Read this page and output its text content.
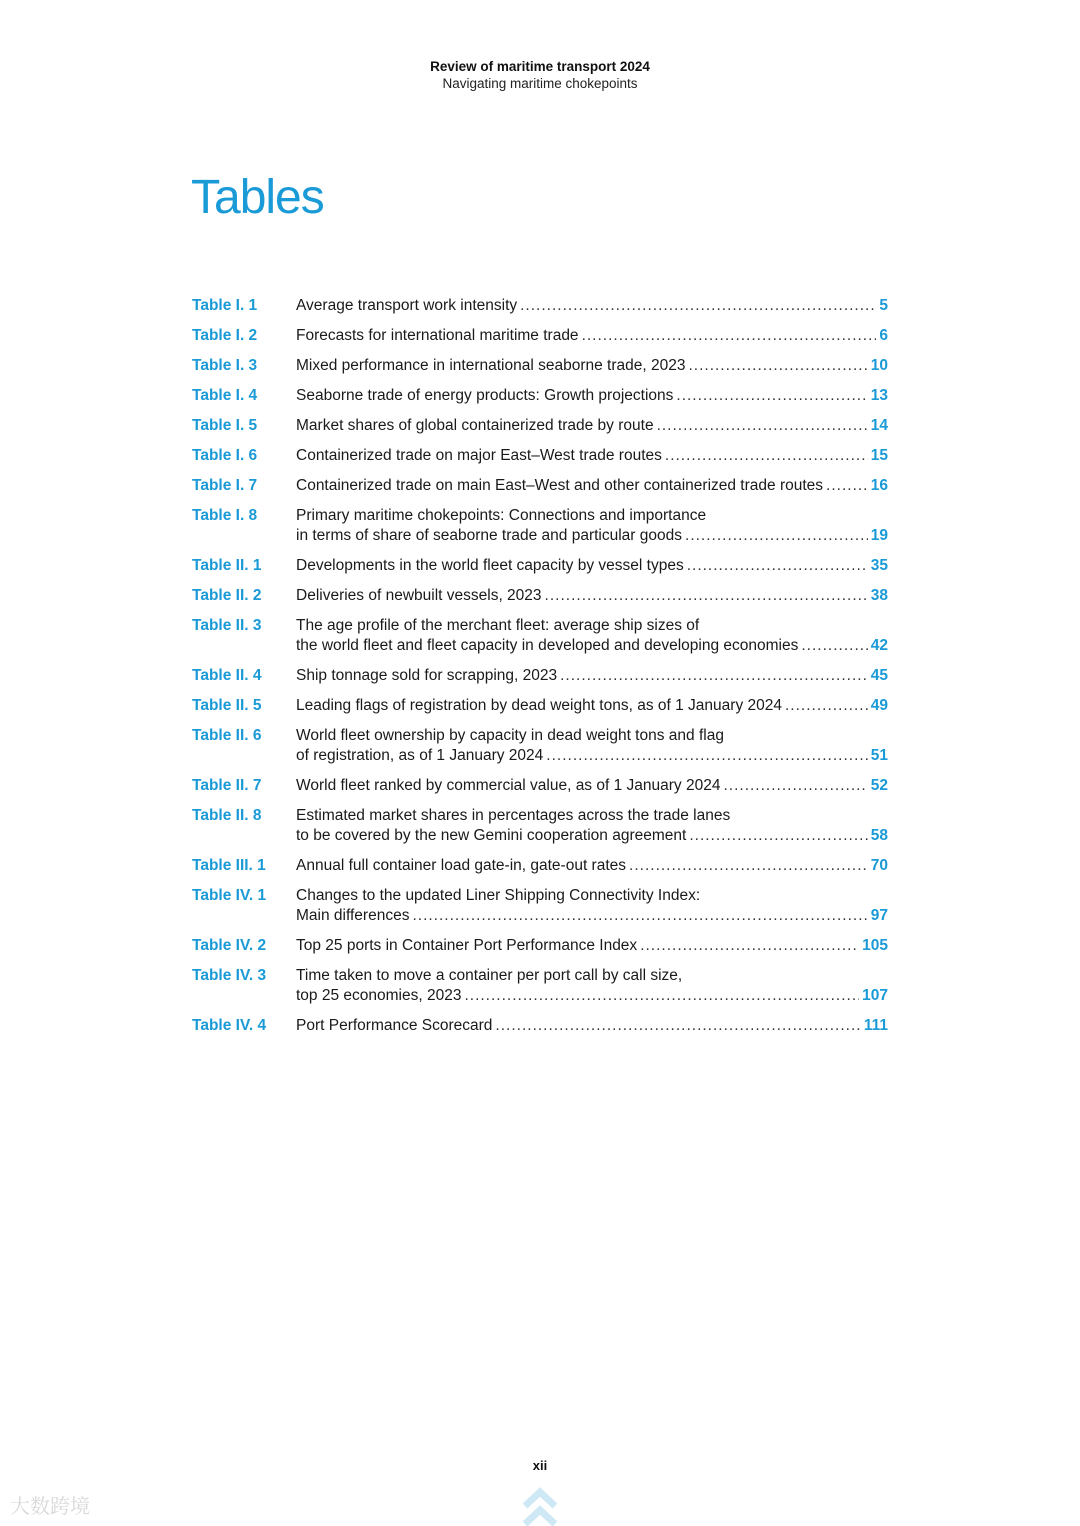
Review of maritime transport 2024
Navigating maritime chokepoints
Tables
Table I. 1	Average transport work intensity .....	5
Table I. 2	Forecasts for international maritime trade .....	6
Table I. 3	Mixed performance in international seaborne trade, 2023 .....	10
Table I. 4	Seaborne trade of energy products: Growth projections .....	13
Table I. 5	Market shares of global containerized trade by route .....	14
Table I. 6	Containerized trade on major East–West trade routes .....	15
Table I. 7	Containerized trade on main East–West and other containerized trade routes .....	16
Table I. 8	Primary maritime chokepoints: Connections and importance
in terms of share of seaborne trade and particular goods .....	19
Table II. 1	Developments in the world fleet capacity by vessel types .....	35
Table II. 2	Deliveries of newbuilt vessels, 2023 .....	38
Table II. 3	The age profile of the merchant fleet: average ship sizes of
the world fleet and fleet capacity in developed and developing economies .....	42
Table II. 4	Ship tonnage sold for scrapping, 2023 .....	45
Table II. 5	Leading flags of registration by dead weight tons, as of 1 January 2024 .....	49
Table II. 6	World fleet ownership by capacity in dead weight tons and flag
of registration, as of 1 January 2024 .....	51
Table II. 7	World fleet ranked by commercial value, as of 1 January 2024 .....	52
Table II. 8	Estimated market shares in percentages across the trade lanes
to be covered by the new Gemini cooperation agreement .....	58
Table III. 1	Annual full container load gate-in, gate-out rates .....	70
Table IV. 1	Changes to the updated Liner Shipping Connectivity Index:
Main differences .....	97
Table IV. 2	Top 25 ports in Container Port Performance Index .....	105
Table IV. 3	Time taken to move a container per port call by call size,
top 25 economies, 2023 .....	107
Table IV. 4	Port Performance Scorecard .....	111
xii
大数跨境
